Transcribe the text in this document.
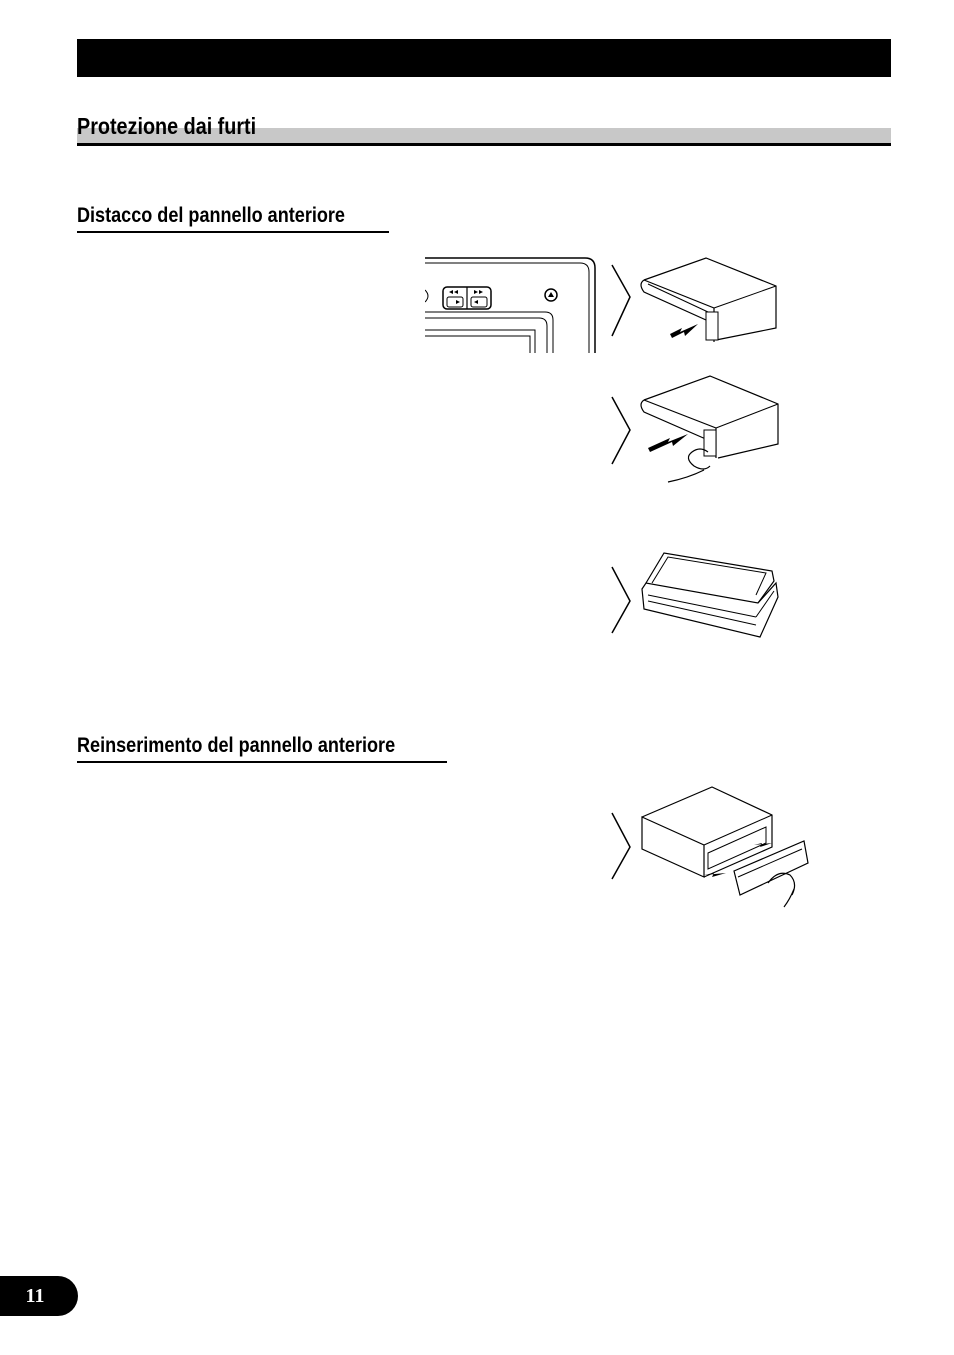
Protezione dai furti
Distacco del pannello anteriore
Reinserimento del pannello anteriore
11
